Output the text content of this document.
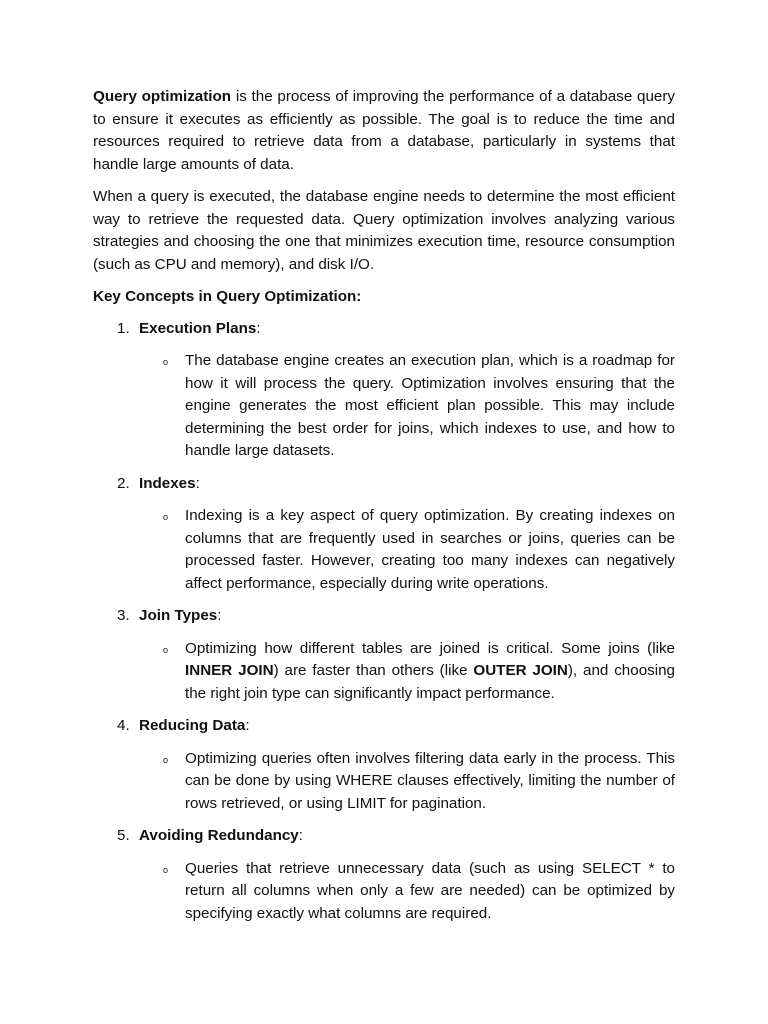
Query optimization is the process of improving the performance of a database query to ensure it executes as efficiently as possible. The goal is to reduce the time and resources required to retrieve data from a database, particularly in systems that handle large amounts of data.

When a query is executed, the database engine needs to determine the most efficient way to retrieve the requested data. Query optimization involves analyzing various strategies and choosing the one that minimizes execution time, resource consumption (such as CPU and memory), and disk I/O.

Key Concepts in Query Optimization:

1. Execution Plans:
o	The database engine creates an execution plan, which is a roadmap for how it will process the query. Optimization involves ensuring that the engine generates the most efficient plan possible. This may include determining the best order for joins, which indexes to use, and how to handle large datasets.
2. Indexes:
o	Indexing is a key aspect of query optimization. By creating indexes on columns that are frequently used in searches or joins, queries can be processed faster. However, creating too many indexes can negatively affect performance, especially during write operations.
3. Join Types:
o	Optimizing how different tables are joined is critical. Some joins (like INNER JOIN) are faster than others (like OUTER JOIN), and choosing the right join type can significantly impact performance.
4. Reducing Data:
o	Optimizing queries often involves filtering data early in the process. This can be done by using WHERE clauses effectively, limiting the number of rows retrieved, or using LIMIT for pagination.
5. Avoiding Redundancy:
o	Queries that retrieve unnecessary data (such as using SELECT * to return all columns when only a few are needed) can be optimized by specifying exactly what columns are required.
